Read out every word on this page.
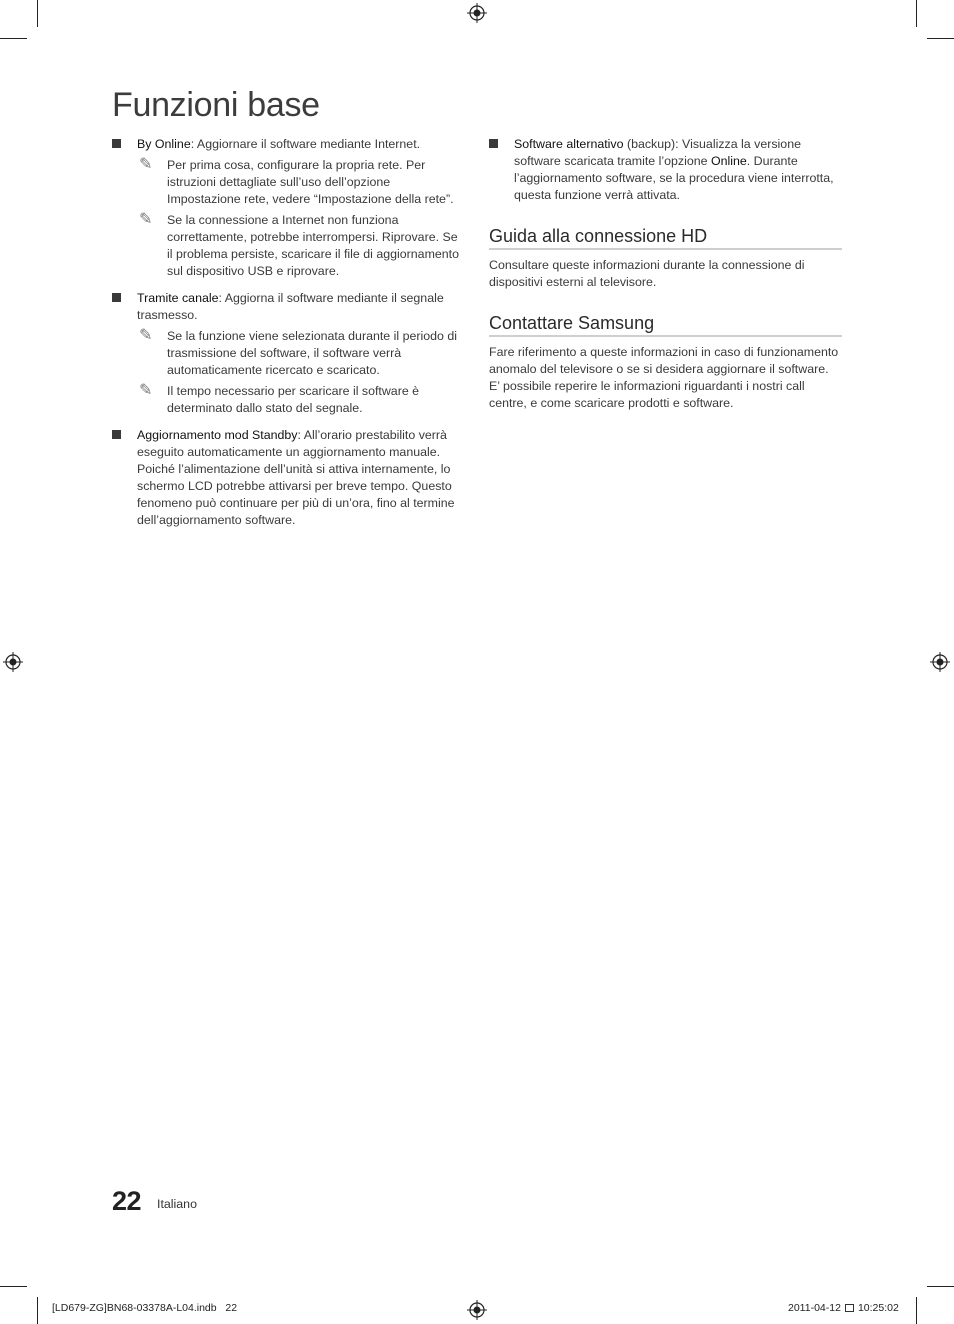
Funzioni base
By Online: Aggiornare il software mediante Internet.
✎ Per prima cosa, configurare la propria rete. Per istruzioni dettagliate sull’uso dell’opzione Impostazione rete, vedere “Impostazione della rete”.
✎ Se la connessione a Internet non funziona correttamente, potrebbe interrompersi. Riprovare. Se il problema persiste, scaricare il file di aggiornamento sul dispositivo USB e riprovare.
Tramite canale: Aggiorna il software mediante il segnale trasmesso.
✎ Se la funzione viene selezionata durante il periodo di trasmissione del software, il software verrà automaticamente ricercato e scaricato.
✎ Il tempo necessario per scaricare il software è determinato dallo stato del segnale.
Aggiornamento mod Standby: All’orario prestabilito verrà eseguito automaticamente un aggiornamento manuale. Poiché l’alimentazione dell’unità si attiva internamente, lo schermo LCD potrebbe attivarsi per breve tempo. Questo fenomeno può continuare per più di un’ora, fino al termine dell’aggiornamento software.
Software alternativo (backup): Visualizza la versione software scaricata tramite l’opzione Online. Durante l’aggiornamento software, se la procedura viene interrotta, questa funzione verrà attivata.
Guida alla connessione HD

Consultare queste informazioni durante la connessione di dispositivi esterni al televisore.

Contattare Samsung

Fare riferimento a queste informazioni in caso di funzionamento anomalo del televisore o se si desidera aggiornare il software. E’ possibile reperire le informazioni riguardanti i nostri call centre, e come scaricare prodotti e software.

22 Italiano
[LD679-ZG]BN68-03378A-L04.indb   22	2011-04-12 10:25:02
